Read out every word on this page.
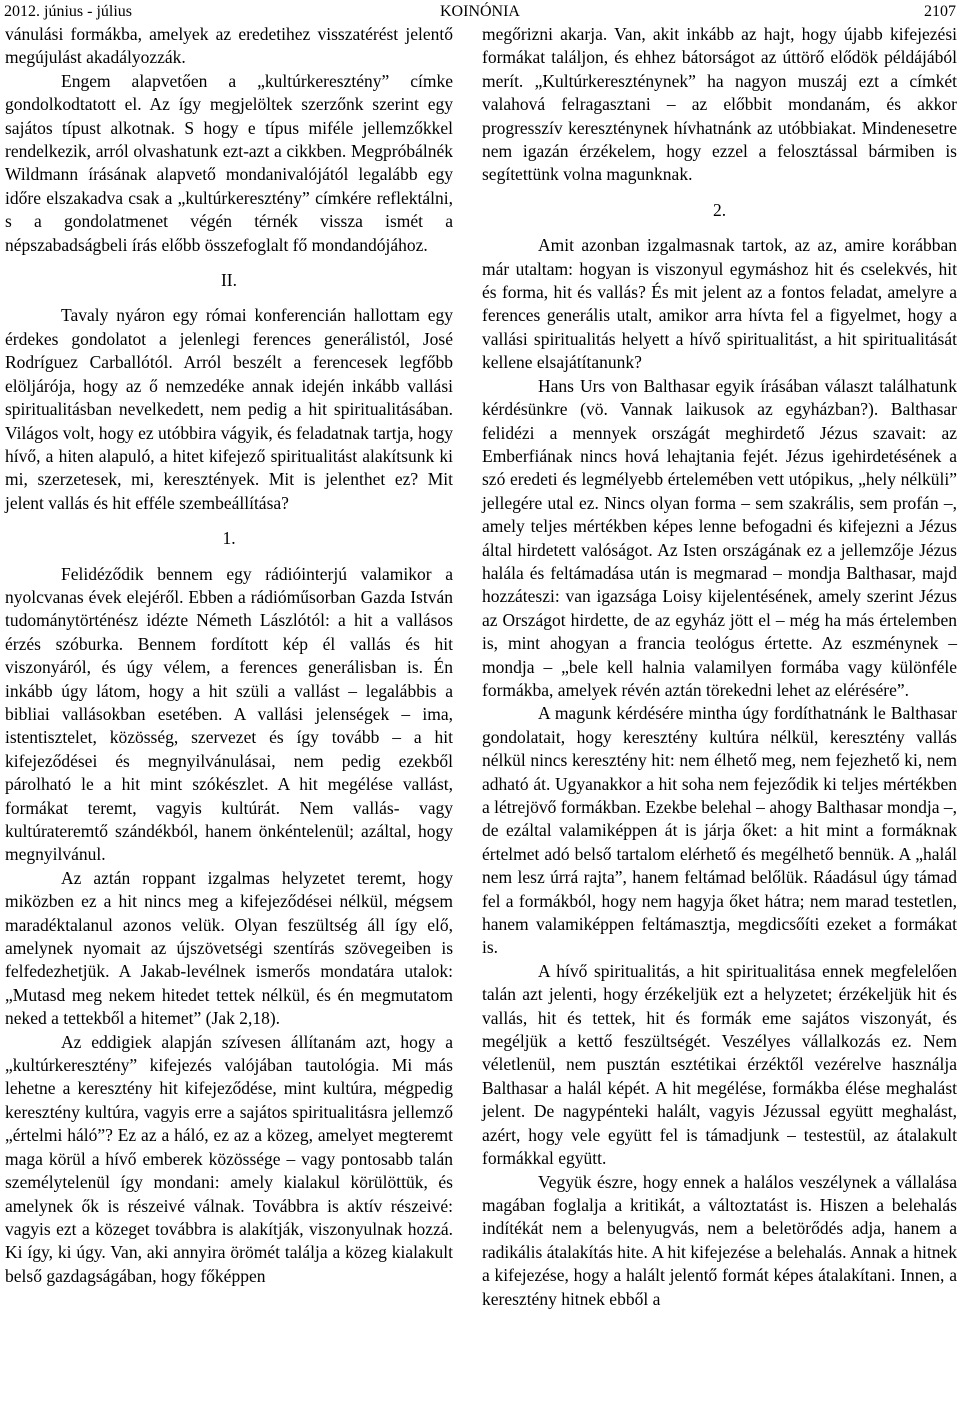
2012. június - július	KOINÓNIA	2107

vánulási formákba, amelyek az eredetihez visszatérést jelentő megújulást akadályozzák.

Engem alapvetően a „kultúrkeresztény” címke gondolkodtatott el. Az így megjelöltek szerzőnk szerint egy sajátos típust alkotnak. S hogy e típus miféle jellemzőkkel rendelkezik, arról olvashatunk ezt-azt a cikkben. Megpróbálnék Wildmann írásának alapvető mondanivalójától legalább egy időre elszakadva csak a „kultúrkeresztény” címkére reflektálni, s a gondolatmenet végén térnék vissza ismét a népszabadságbeli írás előbb összefoglalt fő mondandójához.

II.

Tavaly nyáron egy római konferencián hallottam egy érdekes gondolatot a jelenlegi ferences generálistól, José Rodríguez Carballótól. Arról beszélt a ferencesek legfőbb elöljárója, hogy az ő nemzedéke annak idején inkább vallási spiritualitásban nevelkedett, nem pedig a hit spiritualitásában. Világos volt, hogy ez utóbbira vágyik, és feladatnak tartja, hogy hívő, a hiten alapuló, a hitet kifejező spiritualitást alakítsunk ki mi, szerzetesek, mi, keresztények. Mit is jelenthet ez? Mit jelent vallás és hit efféle szembeállítása?

1.

Felidéződik bennem egy rádióinterjú valamikor a nyolcvanas évek elejéről. Ebben a rádióműsorban Gazda István tudománytörténész idézte Németh Lászlótól: a hit a vallásos érzés szóburka. Bennem fordított kép él vallás és hit viszonyáról, és úgy vélem, a ferences generálisban is. Én inkább úgy látom, hogy a hit szüli a vallást – legalábbis a bibliai vallásokban esetében. A vallási jelenségek – ima, istentisztelet, közösség, szervezet és így tovább – a hit kifejeződései és megnyilvánulásai, nem pedig ezekből párolható le a hit mint szókészlet. A hit megélése vallást, formákat teremt, vagyis kultúrát. Nem vallás- vagy kultúrateremtő szándékból, hanem önkéntelenül; azáltal, hogy megnyilvánul.

Az aztán roppant izgalmas helyzetet teremt, hogy miközben ez a hit nincs meg a kifejeződései nélkül, mégsem maradéktalanul azonos velük. Olyan feszültség áll így elő, amelynek nyomait az újszövetségi szentírás szövegeiben is felfedezhetjük. A Jakab-levélnek ismerős mondatára utalok: „Mutasd meg nekem hitedet tettek nélkül, és én megmutatom neked a tettekből a hitemet” (Jak 2,18).

Az eddigiek alapján szívesen állítanám azt, hogy a „kultúrkeresztény” kifejezés valójában tautológia. Mi más lehetne a keresztény hit kifejeződése, mint kultúra, mégpedig keresztény kultúra, vagyis erre a sajátos spiritualitásra jellemző „értelmi háló”? Ez az a háló, ez az a közeg, amelyet megteremt maga körül a hívő emberek közössége – vagy pontosabb talán személytelenül így mondani: amely kialakul körülöttük, és amelynek ők is részeivé válnak. Továbbra is aktív részeivé: vagyis ezt a közeget továbbra is alakítják, viszonyulnak hozzá. Ki így, ki úgy. Van, aki annyira örömét találja a közeg kialakult belső gazdagságában, hogy főképpen

megőrizni akarja. Van, akit inkább az hajt, hogy újabb kifejezési formákat találjon, és ehhez bátorságot az úttörő elődök példájából merít. „Kultúrkereszténynek” ha nagyon muszáj ezt a címkét valahová felragasztani – az előbbit mondanám, és akkor progresszív kereszténynek hívhatnánk az utóbbiakat. Mindenesetre nem igazán érzékelem, hogy ezzel a felosztással bármiben is segítettünk volna magunknak.

2.

Amit azonban izgalmasnak tartok, az az, amire korábban már utaltam: hogyan is viszonyul egymáshoz hit és cselekvés, hit és forma, hit és vallás? És mit jelent az a fontos feladat, amelyre a ferences generális utalt, amikor arra hívta fel a figyelmet, hogy a vallási spiritualitás helyett a hívő spiritualitást, a hit spiritualitását kellene elsajátítanunk?

Hans Urs von Balthasar egyik írásában választ találhatunk kérdésünkre (vö. Vannak laikusok az egyházban?). Balthasar felidézi a mennyek országát meghirdető Jézus szavait: az Emberfiának nincs hová lehajtania fejét. Jézus igehirdetésének a szó eredeti és legmélyebb értelemében vett utópikus, „hely nélküli” jellegére utal ez. Nincs olyan forma – sem szakrális, sem profán –, amely teljes mértékben képes lenne befogadni és kifejezni a Jézus által hirdetett valóságot. Az Isten országának ez a jellemzője Jézus halála és feltámadása után is megmarad – mondja Balthasar, majd hozzáteszi: van igazsága Loisy kijelentésének, amely szerint Jézus az Országot hirdette, de az egyház jött el – még ha más értelemben is, mint ahogyan a francia teológus értette. Az eszménynek – mondja – „bele kell halnia valamilyen formába vagy különféle formákba, amelyek révén aztán törekedni lehet az elérésére”.

A magunk kérdésére mintha úgy fordíthatnánk le Balthasar gondolatait, hogy keresztény kultúra nélkül, keresztény vallás nélkül nincs keresztény hit: nem élhető meg, nem fejezhető ki, nem adható át. Ugyanakkor a hit soha nem fejeződik ki teljes mértékben a létrejövő formákban. Ezekbe belehal – ahogy Balthasar mondja –, de ezáltal valamiképpen át is járja őket: a hit mint a formáknak értelmet adó belső tartalom elérhető és megélhető bennük. A „halál nem lesz úrrá rajta”, hanem feltámad belőlük. Ráadásul úgy támad fel a formákból, hogy nem hagyja őket hátra; nem marad testetlen, hanem valamiképpen feltámasztja, megdicsőíti ezeket a formákat is.

A hívő spiritualitás, a hit spiritualitása ennek megfelelően talán azt jelenti, hogy érzékeljük ezt a helyzetet; érzékeljük hit és vallás, hit és tettek, hit és formák eme sajátos viszonyát, és megéljük a kettő feszültségét. Veszélyes vállalkozás ez. Nem véletlenül, nem pusztán esztétikai érzéktől vezérelve használja Balthasar a halál képét. A hit megélése, formákba élése meghalást jelent. De nagypénteki halált, vagyis Jézussal együtt meghalást, azért, hogy vele együtt fel is támadjunk – testestül, az átalakult formákkal együtt.

Vegyük észre, hogy ennek a halálos veszélynek a vállalása magában foglalja a kritikát, a változtatást is. Hiszen a belehalás indítékát nem a belenyugvás, nem a beletörődés adja, hanem a radikális átalakítás hite. A hit kifejezése a belehalás. Annak a hitnek a kifejezése, hogy a halált jelentő formát képes átalakítani. Innen, a keresztény hitnek ebből a
